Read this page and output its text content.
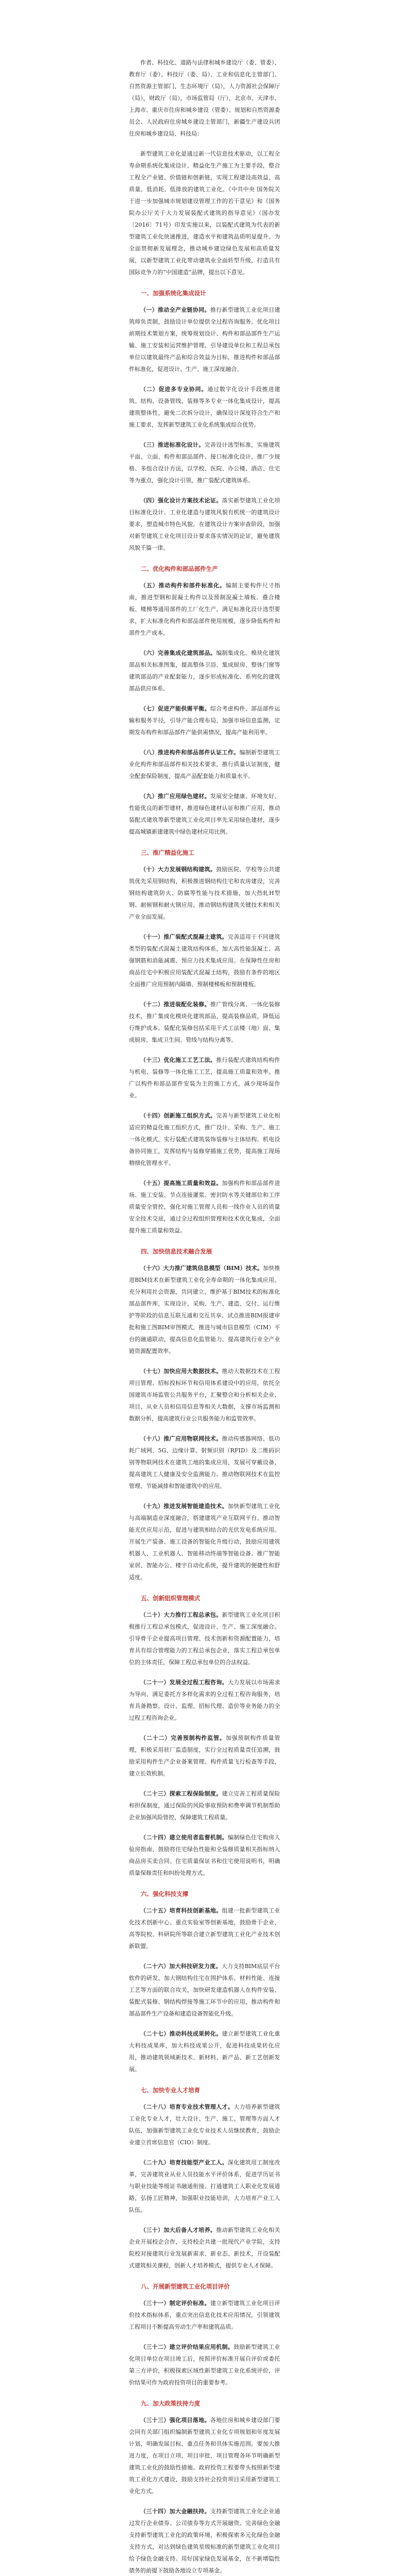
作者、科技化、道路与法律和城乡建设厅（委、管委）、教育厅（委）、科技厅（委、局）、工业和信息化主管部门、自然资源主管部门，生态环境厅（局），人力资源社会保障厅（局），财政厅（局），市场监管局（厅），北京市、天津市、上海市、重庆市住房和城乡建设（管委）、规划和自然资源委员会、人民政府住房城乡建设主管部门，新疆生产建设兵团住房和城乡建设局、科技局：

新型建筑工业化是通过新一代信息技术驱动，以工程全寿命期系统化集成设计、精益化生产施工为主要手段，整合工程全产业链、价值链和创新链，实现工程建设高效益、高质量、低消耗、低排放的建筑工业化。《中共中央 国务院关于进一步加强城市规划建设管理工作的若干意见》和《国务院办公厅关于大力发展装配式建筑的指导意见》（国办发〔2016〕71号）印发实施以来，以装配式建筑为代表的新型建筑工业化快速推进，建造水平和建筑品质明显提升。为全面贯彻新发展理念，推动城乡建设绿色发展和高质量发展，以新型建筑工业化带动建筑业全面转型升级，打造具有国际竞争力的“中国建造”品牌，提出以下意见。

一、加强系统化集成设计

（一）推动全产业链协同。推行新型建筑工业化项目建筑师负责制，鼓励设计单位提供全过程咨询服务。优化项目前期技术策划方案，统筹规划设计、构件和部品部件生产运输、施工安装和运营维护管理。引导建设单位和工程总承包单位以建筑最终产品和综合效益为目标，推进构件和部品部件标准化，促进设计、生产、施工深度融合。

（二）促进多专业协同。通过数字化设计手段推进建筑、结构、设备管线、装修等多专业一体化集成设计，提高建筑整体性，避免二次拆分设计，确保设计深度符合生产和施工要求，发挥新型建筑工业化系统集成综合优势。

（三）推进标准化设计。完善设计选型标准，实施建筑平面、立面、构件和部品部件、接口标准化设计，推广少规格、多组合设计方法，以学校、医院、办公楼、酒店、住宅等为重点，强化设计引领，推广装配式建筑体系。

（四）强化设计方案技术论证。落实新型建筑工业化项目标准化设计、工业化建造与建筑风貌有机统一的建筑设计要求，塑造城市特色风貌。在建筑设计方案审查阶段，加强对新型建筑工业化项目设计要求落实情况的论证，避免建筑风貌千篇一律。

二、优化构件和部品部件生产

（五）推动构件和部件标准化。编制主要构件尺寸指南，推进型钢和混凝土构件以及预制混凝土墙板、叠合楼板、楼梯等通用部件的工厂化生产，满足标准化设计选型要求，扩大标准化构件和部品部件使用规模，逐步降低构件和部件生产成本。

（六）完善集成化建筑部品。编制集成化、模块化建筑部品相关标准图集，提高整体卫浴、集成厨房、整体门窗等建筑部品的产业配套能力，逐步形成标准化、系列化的建筑部品供应体系。

（七）促进产能供需平衡。综合考虑构件、部品部件运输和服务半径，引导产能合理布局，加强市场信息监测，定期发布构件和部品部件产能供需情况，提高产能利用率。

（八）推进构件和部品部件认证工作。编制新型建筑工业化构件和部品部件相关技术要求，推行质量认证制度，健全配套保险制度，提高产品配套能力和质量水平。

（九）推广应用绿色建材。发展安全健康、环境友好、性能优良的新型建材，推进绿色建材认证和推广应用，推动装配式建筑等新型建筑工业化项目率先采用绿色建材，逐步提高城镇新建建筑中绿色建材应用比例。

三、推广精益化施工

（十）大力发展钢结构建筑。鼓励医院、学校等公共建筑优先采用钢结构，积极推进钢结构住宅和农房建设，完善钢结构建筑防火、防腐等性能与技术措施，加大热轧H型钢、耐候钢和耐火钢应用，推动钢结构建筑关键技术和相关产业全面发展。

（十一）推广装配式混凝土建筑。完善适用于不同建筑类型的装配式混凝土建筑结构体系，加大高性能混凝土、高强钢筋和消能减震、预应力技术集成应用。在保障性住房和商品住宅中积极应用装配式混凝土结构，鼓励有条件的地区全面推广应用预制内隔墙、预制楼梯板和预制楼板。

（十二）推进装配化装修。推广管线分离、一体化装修技术，推广集成化模块化建筑部品，提高装修品质，降低运行维护成本。装配化装修包括采用干式工法楼（地）面、集成厨房、集成卫生间、管线与结构分离等。

（十三）优化施工工艺工法。推行装配式建筑结构构件与机电、装修等一体化施工工艺，提高施工质量和效率。推广以构件和部品部件安装为主的施工方式，减少现场湿作业。

（十四）创新施工组织方式。完善与新型建筑工业化相适应的精益化施工组织方式，推广设计、采购、生产、施工一体化模式，实行装配式建筑装饰装修与主体结构、机电设备协同施工，发挥结构与装修穿插施工优势，提高施工现场精细化管理水平。

（十五）提高施工质量和效益。加强构件和部品部件进场、施工安装、节点连接灌浆、密封防水等关键部位和工序质量安全管控，强化对施工管理人员和一线作业人员的质量安全技术交底，通过全过程组织管理和技术优化集成，全面提升施工质量和效益。

四、加快信息技术融合发展

（十六）大力推广建筑信息模型（BIM）技术。加快推进BIM技术在新型建筑工业化全寿命期的一体化集成应用。充分利用社会资源，共同建立、维护基于BIM技术的标准化部品部件库，实现设计、采购、生产、建造、交付、运行维护等阶段的信息互联互通和交互共享。试点推进BIM报建审批和施工图BIM审图模式，推进与城市信息模型（CIM）平台的融通联动，提高信息化监管能力，提高建筑行业全产业链资源配置效率。

（十七）加快应用大数据技术。推动大数据技术在工程项目管理、招标投标环节和信用体系建设中的应用，依托全国建筑市场监管公共服务平台，汇聚整合和分析相关企业、项目、从业人员和信用信息等相关大数据，支撑市场监测和数据分析，提高建筑行业公共服务能力和监管效率。

（十八）推广应用物联网技术。推动传感器网络、低功耗广域网、5G、边缘计算、射频识别（RFID）及二维码识别等物联网技术在建筑工地的集成应用，发展可穿戴设备，提高建筑工人健康及安全监测能力。推动物联网技术在监控管理、节能减排和智能建筑中的应用。

（十九）推进发展智能建造技术。加快新型建筑工业化与高端制造业深度融合，搭建建筑产业互联网平台。推动智能光伏应用示范，促进与建筑相结合的光伏发电系统应用。开展生产装备、施工设备的智能化升级行动，鼓励应用建筑机器人、工业机器人、智能移动终端等智能设备。推广智能家居、智能办公、楼宇自动化系统，提升建筑的便捷性和舒适度。

五、创新组织管理模式

（二十）大力推行工程总承包。新型建筑工业化项目积极推行工程总承包模式，促进设计、生产、施工深度融合。引导骨干企业提高项目管理、技术创新和资源配置能力，培育具有综合管理能力的工程总承包企业，落实工程总承包单位的主体责任，保障工程总承包单位的合法权益。

（二十一）发展全过程工程咨询。大力发展以市场需求为导向、满足委托方多样化需求的全过程工程咨询服务，培育具备勘察、设计、监理、招标代理、造价等业务能力的全过程工程咨询企业。

（二十二）完善预制构件监管。加强预制构件质量管理，积极采用驻厂监造制度，实行全过程质量责任追溯，鼓励采用构件生产企业备案管理、构件质量飞行检查等手段，建立长效机制。

（二十三）探索工程保险制度。建立完善工程质量保险和担保制度，通过保险的风险事故预防和费率调节机制帮助企业加强风险管控，保障建筑工程质量。

（二十四）建立使用者监督机制。编制绿色住宅购房人验房指南，鼓励将住宅绿色性能和全装修质量相关指标纳入商品房买卖合同、住宅质量保证书和住宅使用说明书，明确质量保修责任和纠纷处理方式。

六、强化科技支撑

（二十五）培育科技创新基地。组建一批新型建筑工业化技术创新中心、重点实验室等创新基地，鼓励骨干企业、高等院校、科研院所等联合建立新型建筑工业化产业技术创新联盟。

（二十六）加大科技研发力度。大力支持BIM底层平台软件的研发，加大钢结构住宅在围护体系、材料性能、连接工艺等方面的联合攻关，加快研发建造机器人在构件安装、装配式装修、钢结构焊接等施工环节中的应用，推动构件和部品部件生产设备和建造设备智能化升级。

（二十七）推动科技成果转化。建立新型建筑工业化重大科技成果库，加大科技成果公开，促进科技成果转化应用，推动建筑领域新技术、新材料、新产品、新工艺创新发展。

七、加快专业人才培育

（二十八）培育专业技术管理人才。大力培养新型建筑工业化专业人才，壮大设计、生产、施工、管理等方面人才队伍，加强新型建筑工业化专业技术人员继续教育，鼓励企业建立首席信息官（CIO）制度。

（二十九）培育技能型产业工人。深化建筑用工制度改革，完善建筑业从业人员技能水平评价体系，促进学历证书与职业技能等级证书融通衔接。打通建筑工人职业化发展道路，弘扬工匠精神，加强职业技能培训，大力培育产业工人队伍。

（三十）加大后备人才培养。推动新型建筑工业化相关企业开展校企合作，支持校企共建一批现代产业学院，支持院校对接建筑行业发展新需求、新业态、新技术，开设装配式建筑相关课程，创新人才培养模式，提供专业人才保障。

八、开展新型建筑工业化项目评价

（三十一）制定评价标准。建立新型建筑工业化项目评价技术指标体系，重点突出信息化技术应用情况，引领建筑工程项目不断提高劳动生产率和建筑品质。

（三十二）建立评价结果应用机制。鼓励新型建筑工业化项目单位在项目竣工后，按照评价标准开展自评价或委托第三方评价，积极探索区域性新型建筑工业化系统评价，评价结果可作为政府投资项目的重要参考。

九、加大政策扶持力度

（三十三）强化项目落地。各地住房和城乡建设部门要会同有关部门组织编制新型建筑工业化专项规划和年度发展计划，明确发展目标、重点任务和具体实施范围。要加大推进力度，在项目立项、项目审批、项目管理各环节明确新型建筑工业化的鼓励性措施。政府投资工程要带头按照新型建筑工业化方式建设，鼓励支持社会投资项目采用新型建筑工业化方式。

（三十四）加大金融扶持。支持新型建筑工业化企业通过发行企业债券、公司债券等方式开展融资。完善绿色金融支持新型建筑工业化的政策环境，积极探索多元化绿色金融支持方式，对达到绿色建筑星级标准的新型建筑工业化项目给予绿色金融支持。用好国家绿色发展基金，在不新增隐性债务的前提下鼓励各地设立专项基金。
